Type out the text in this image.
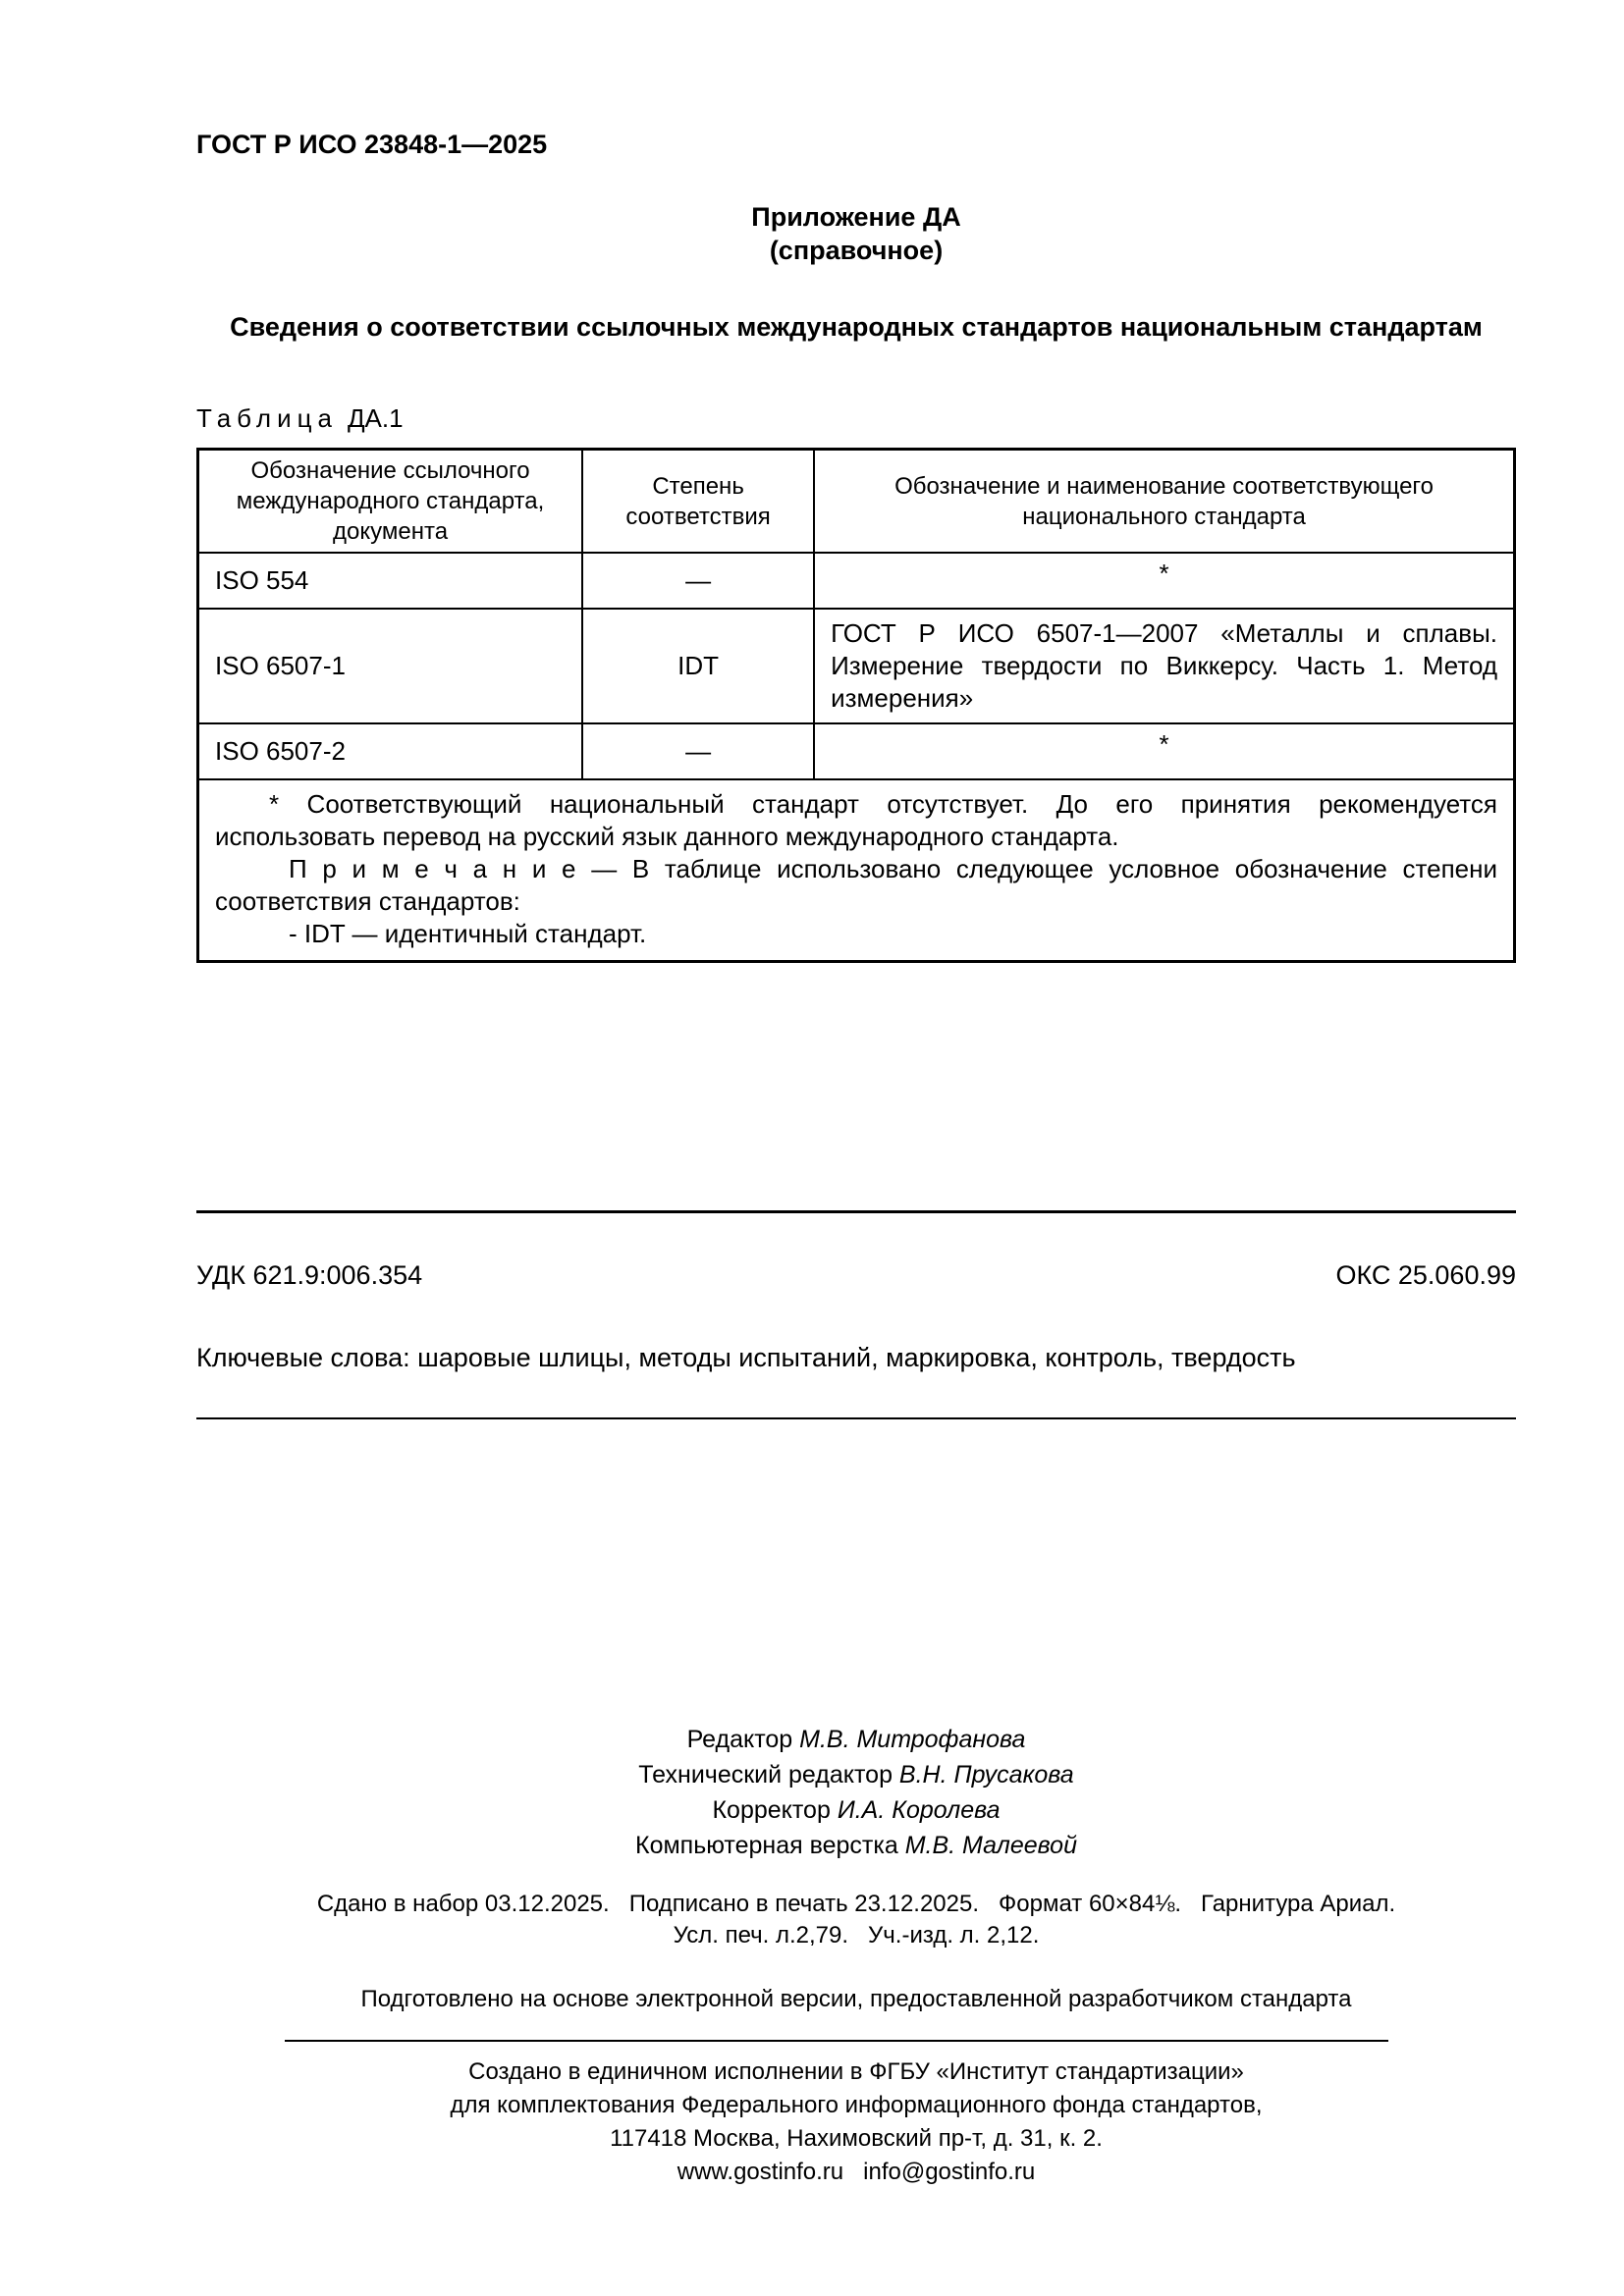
ГОСТ Р ИСО 23848-1—2025
Приложение ДА
(справочное)
Сведения о соответствии ссылочных международных стандартов национальным стандартам
Таблица ДА.1
Обозначение ссылочного международного стандарта, документа	Степень соответствия	Обозначение и наименование соответствующего национального стандарта
ISO 554	—	*
ISO 6507-1	IDT	ГОСТ Р ИСО 6507-1—2007 «Металлы и сплавы. Измерение твердости по Виккерсу. Часть 1. Метод измерения»
ISO 6507-2	—	*

* Соответствующий национальный стандарт отсутствует. До его принятия рекомендуется использовать перевод на русский язык данного международного стандарта.
П р и м е ч а н и е — В таблице использовано следующее условное обозначение степени соответствия стандартов:
- IDT — идентичный стандарт.		
УДК 621.9:006.354	ОКС 25.060.99
Ключевые слова: шаровые шлицы, методы испытаний, маркировка, контроль, твердость
Редактор М.В. Митрофанова
Технический редактор В.Н. Прусакова
Корректор И.А. Королева
Компьютерная верстка М.В. Малеевой
Сдано в набор 03.12.2025. Подписано в печать 23.12.2025. Формат 60×84⅛. Гарнитура Ариал.
Усл. печ. л.2,79. Уч.-изд. л. 2,12.
Подготовлено на основе электронной версии, предоставленной разработчиком стандарта
Создано в единичном исполнении в ФГБУ «Институт стандартизации»
для комплектования Федерального информационного фонда стандартов,
117418 Москва, Нахимовский пр-т, д. 31, к. 2.
www.gostinfo.ru info@gostinfo.ru
